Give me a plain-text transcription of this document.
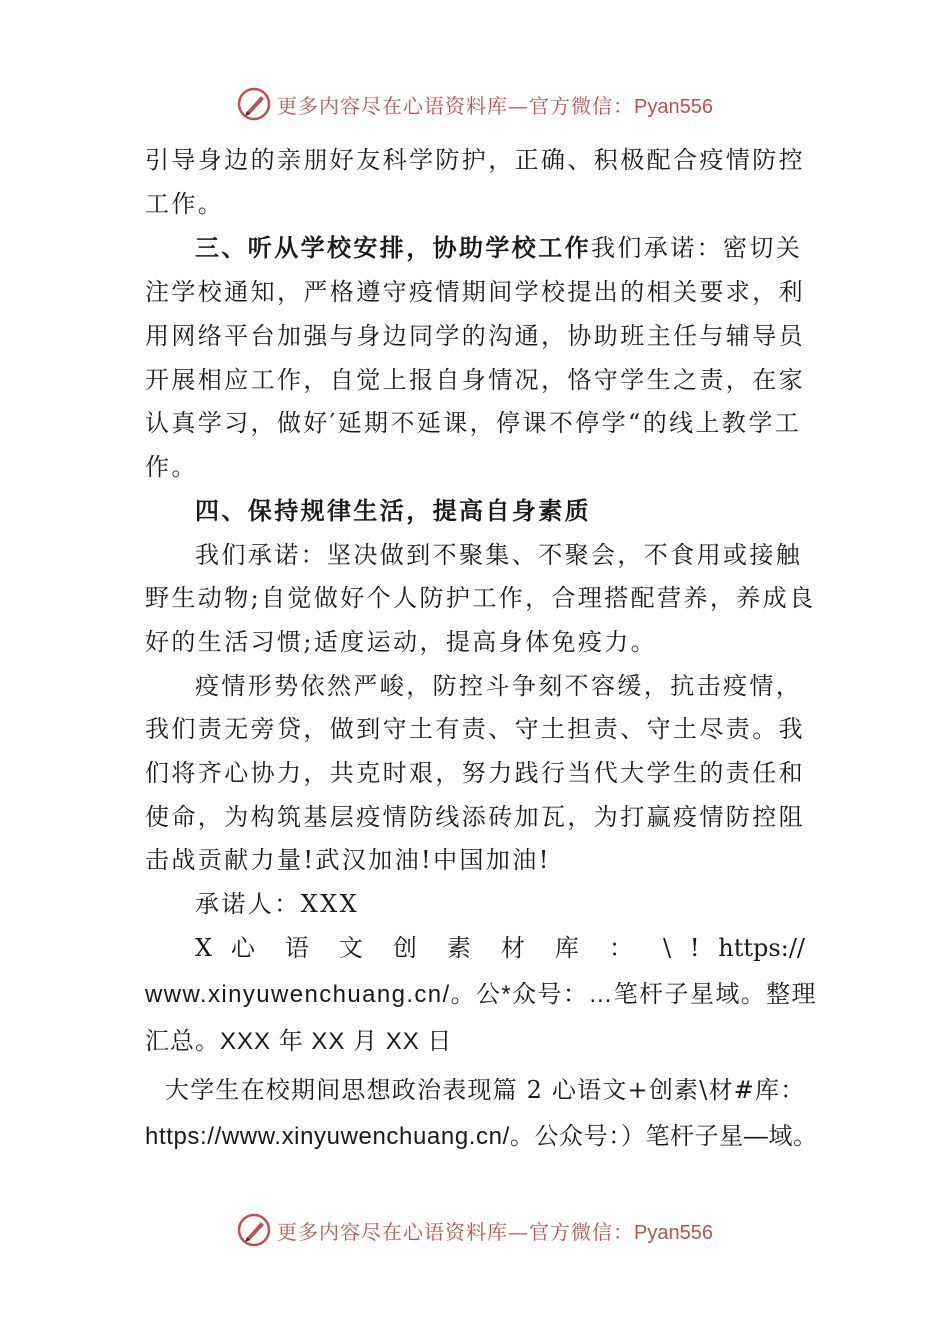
更多内容尽在心语资料库—官方微信：Pyan556
引导身边的亲朋好友科学防护，正确、积极配合疫情防控
工作。
三、听从学校安排，协助学校工作我们承诺：密切关
注学校通知，严格遵守疫情期间学校提出的相关要求，利
用网络平台加强与身边同学的沟通，协助班主任与辅导员
开展相应工作，自觉上报自身情况，恪守学生之责，在家
认真学习，做好′延期不延课，停课不停学“的线上教学工
作。
四、保持规律生活，提高自身素质
我们承诺：坚决做到不聚集、不聚会，不食用或接触
野生动物;自觉做好个人防护工作，合理搭配营养，养成良
好的生活习惯;适度运动，提高身体免疫力。
疫情形势依然严峻，防控斗争刻不容缓，抗击疫情，
我们责无旁贷，做到守土有责、守土担责、守土尽责。我
们将齐心协力，共克时艰，努力践行当代大学生的责任和
使命，为构筑基层疫情防线添砖加瓦，为打赢疫情防控阻
击战贡献力量!武汉加油!中国加油!
承诺人：XXX
X 心 语 文 创 素 材 库 ： \ ! https://
www.xinyuwenchuang.cn/。公*众号：…笔杆子星域。整理
汇总。XXX 年 XX 月 XX 日
大学生在校期间思想政治表现篇 2 心语文+创素\材#库：
https://www.xinyuwenchuang.cn/。公众号：）笔杆子星—域。
更多内容尽在心语资料库—官方微信：Pyan556
